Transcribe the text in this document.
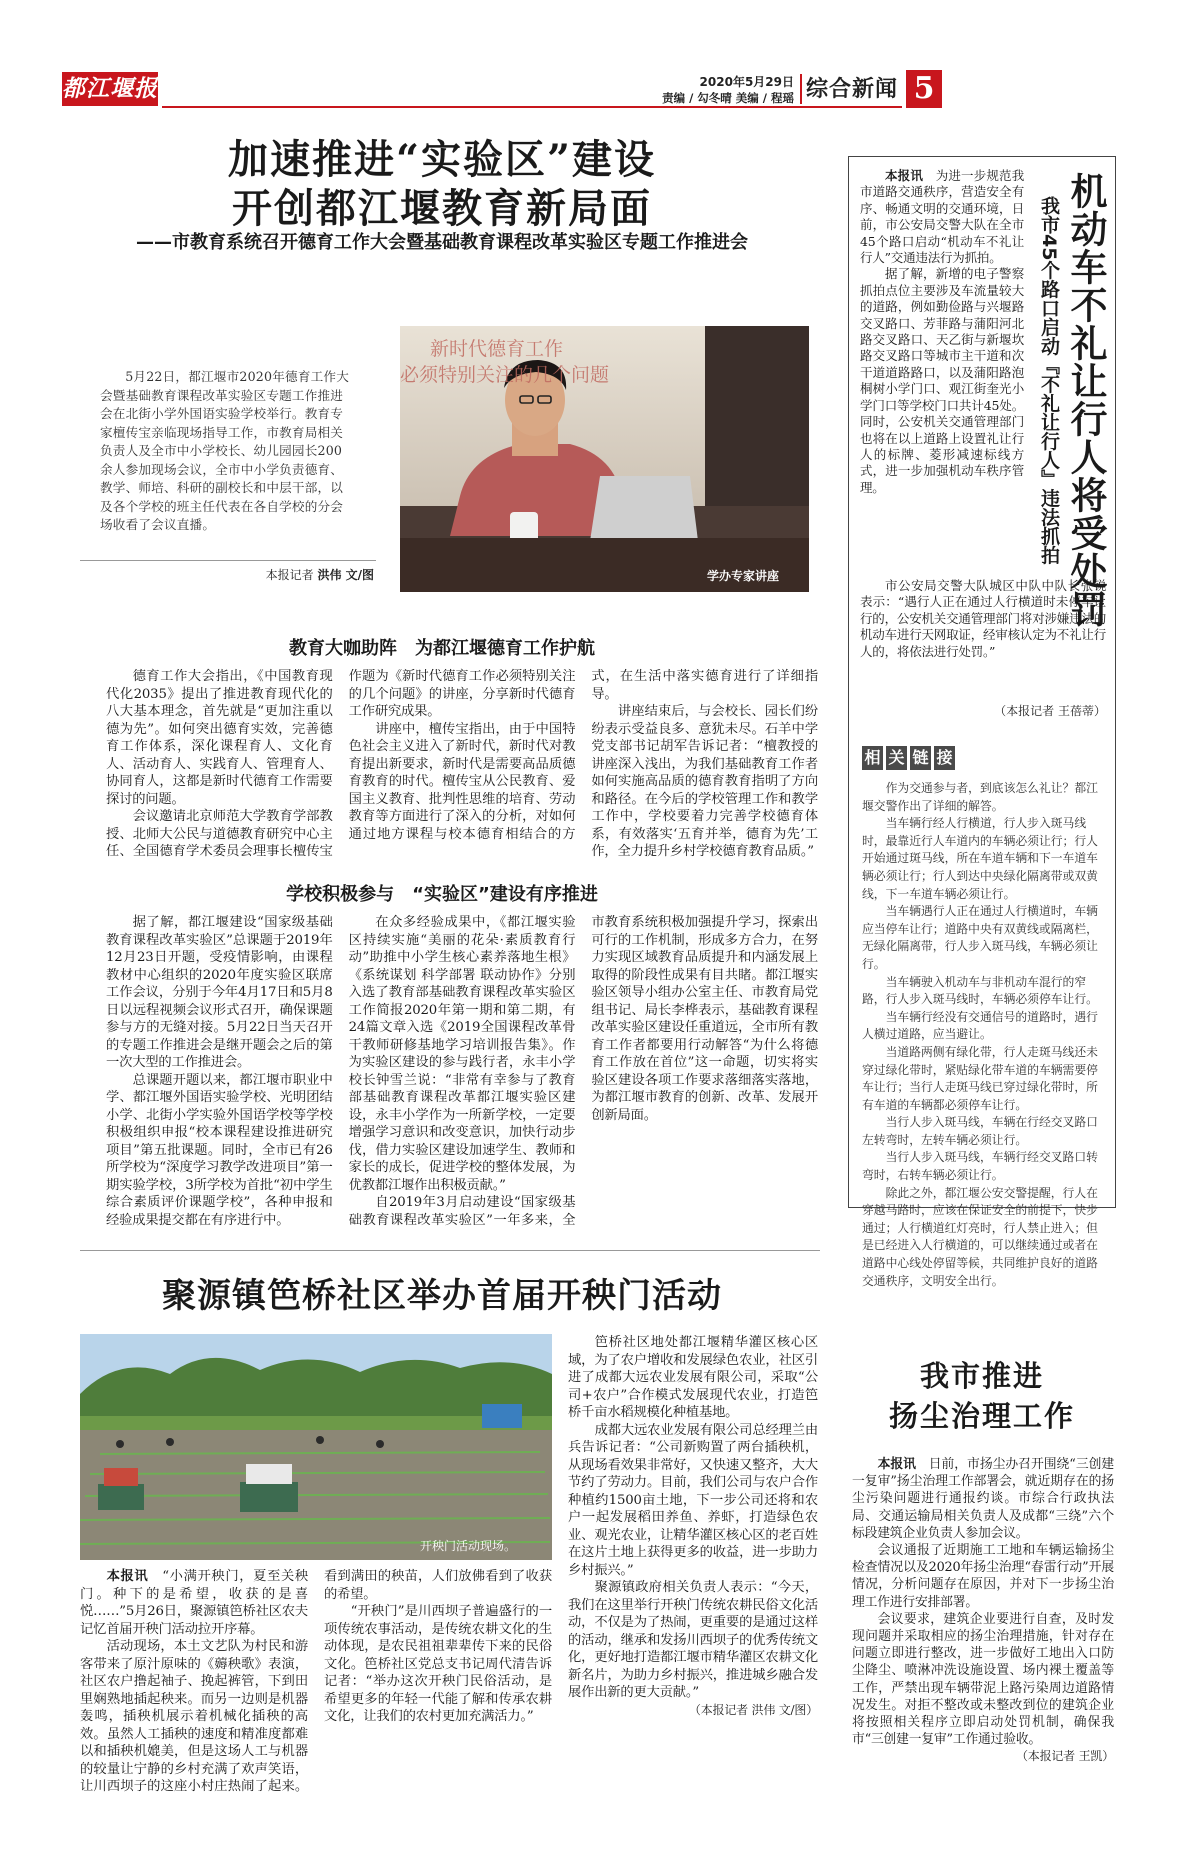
都江堰报	2020年5月29日
责编 / 勾冬晴 美编 / 程瑶 综合新闻 5
加速推进“实验区”建设
开创都江堰教育新局面
——市教育系统召开德育工作大会暨基础教育课程改革实验区专题工作推进会

5月22日，都江堰市2020年德育工作大会暨基础教育课程改革实验区专题工作推进会在北街小学外国语实验学校举行。教育专家檀传宝亲临现场指导工作，市教育局相关负责人及全市中小学校长、幼儿园园长200余人参加现场会议，全市中小学负责德育、教学、师培、科研的副校长和中层干部，以及各个学校的班主任代表在各自学校的分会场收看了会议直播。

本报记者 洪伟 文/图
新时代德育工作
必须特别关注的几个问题
学办专家讲座
教育大咖助阵　为都江堰德育工作护航

德育工作大会指出，《中国教育现代化2035》提出了推进教育现代化的八大基本理念，首先就是“更加注重以德为先”。如何突出德育实效，完善德育工作体系，深化课程育人、文化育人、活动育人、实践育人、管理育人、协同育人，这都是新时代德育工作需要探讨的问题。

会议邀请北京师范大学教育学部教授、北师大公民与道德教育研究中心主任、全国德育学术委员会理事长檀传宝作题为《新时代德育工作必须特别关注的几个问题》的讲座，分享新时代德育工作研究成果。

讲座中，檀传宝指出，由于中国特色社会主义进入了新时代，新时代对教育提出新要求，新时代是需要高品质德育教育的时代。檀传宝从公民教育、爱国主义教育、批判性思维的培育、劳动教育等方面进行了深入的分析，对如何通过地方课程与校本德育相结合的方式，在生活中落实德育进行了详细指导。

讲座结束后，与会校长、园长们纷纷表示受益良多、意犹未尽。石羊中学党支部书记胡军告诉记者：“檀教授的讲座深入浅出，为我们基础教育工作者如何实施高品质的德育教育指明了方向和路径。在今后的学校管理工作和教学工作中，学校要着力完善学校德育体系，有效落实‘五育并举，德育为先’工作，全力提升乡村学校德育教育品质。”

学校积极参与　“实验区”建设有序推进

据了解，都江堰建设“国家级基础教育课程改革实验区”总课题于2019年12月23日开题，受疫情影响，由课程教材中心组织的2020年度实验区联席工作会议，分别于今年4月17日和5月8日以远程视频会议形式召开，确保课题参与方的无缝对接。5月22日当天召开的专题工作推进会是继开题会之后的第一次大型的工作推进会。

总课题开题以来，都江堰市职业中学、都江堰外国语实验学校、光明团结小学、北街小学实验外国语学校等学校积极组织申报“校本课程建设推进研究项目”第五批课题。同时，全市已有26所学校为“深度学习教学改进项目”第一期实验学校，3所学校为首批“初中学生综合素质评价课题学校”，各种申报和经验成果提交都在有序进行中。

在众多经验成果中，《都江堰实验区持续实施“美丽的花朵·素质教育行动”助推中小学生核心素养落地生根》《系统谋划 科学部署 联动协作》分别入选了教育部基础教育课程改革实验区工作简报2020年第一期和第二期，有24篇文章入选《2019全国课程改革骨干教师研修基地学习培训报告集》。作为实验区建设的参与践行者，永丰小学校长钟雪兰说：“非常有幸参与了教育部基础教育课程改革都江堰实验区建设，永丰小学作为一所新学校，一定要增强学习意识和改变意识，加快行动步伐，借力实验区建设加速学生、教师和家长的成长，促进学校的整体发展，为优教都江堰作出积极贡献。”

自2019年3月启动建设“国家级基础教育课程改革实验区”一年多来，全市教育系统积极加强提升学习，探索出可行的工作机制，形成多方合力，在努力实现区域教育品质提升和内涵发展上取得的阶段性成果有目共睹。都江堰实验区领导小组办公室主任、市教育局党组书记、局长李桦表示，基础教育课程改革实验区建设任重道远，全市所有教育工作者都要用行动解答“为什么将德育工作放在首位”这一命题，切实将实验区建设各项工作要求落细落实落地，为都江堰市教育的创新、改革、发展开创新局面。

聚源镇笆桥社区举办首届开秧门活动
开秧门活动现场。

本报讯　 “小满开秧门，夏至关秧门。种下的是希望，收获的是喜悦……”5月26日，聚源镇笆桥社区农夫记忆首届开秧门活动拉开序幕。

活动现场，本土文艺队为村民和游客带来了原汁原味的《薅秧歌》表演，社区农户撸起袖子、挽起裤管，下到田里娴熟地插起秧来。而另一边则是机器轰鸣，插秧机展示着机械化插秧的高效。虽然人工插秧的速度和精准度都难以和插秧机媲美，但是这场人工与机器的较量让宁静的乡村充满了欢声笑语，让川西坝子的这座小村庄热闹了起来。看到满田的秧苗，人们放佛看到了收获的希望。

“开秧门”是川西坝子普遍盛行的一项传统农事活动，是传统农耕文化的生动体现，是农民祖祖辈辈传下来的民俗文化。笆桥社区党总支书记周代清告诉记者：“举办这次开秧门民俗活动，是希望更多的年轻一代能了解和传承农耕文化，让我们的农村更加充满活力。”

笆桥社区地处都江堰精华灌区核心区域，为了农户增收和发展绿色农业，社区引进了成都大远农业发展有限公司，采取“公司+农户”合作模式发展现代农业，打造笆桥千亩水稻规模化种植基地。

成都大远农业发展有限公司总经理兰由兵告诉记者：“公司新购置了两台插秧机，从现场看效果非常好，又快速又整齐，大大节约了劳动力。目前，我们公司与农户合作种植约1500亩土地，下一步公司还将和农户一起发展稻田养鱼、养虾，打造绿色农业、观光农业，让精华灌区核心区的老百姓在这片土地上获得更多的收益，进一步助力乡村振兴。”

聚源镇政府相关负责人表示：“今天，我们在这里举行开秧门传统农耕民俗文化活动，不仅是为了热闹，更重要的是通过这样的活动，继承和发扬川西坝子的优秀传统文化，更好地打造都江堰市精华灌区农耕文化新名片，为助力乡村振兴，推进城乡融合发展作出新的更大贡献。”

（本报记者 洪伟 文/图）
机动车不礼让行人将受处罚
我市45个路口启动『不礼让行人』违法抓拍

本报讯　 为进一步规范我市道路交通秩序，营造安全有序、畅通文明的交通环境，日前，市公安局交警大队在全市45个路口启动“机动车不礼让行人”交通违法行为抓拍。

据了解，新增的电子警察抓拍点位主要涉及车流量较大的道路，例如勤俭路与兴堰路交叉路口、芳菲路与蒲阳河北路交叉路口、天乙街与新堰坎路交叉路口等城市主干道和次干道道路路口，以及蒲阳路泡桐树小学门口、观江街奎光小学门口等学校门口共计45处。同时，公安机关交通管理部门也将在以上道路上设置礼让行人的标牌、菱形减速标线方式，进一步加强机动车秩序管理。

市公安局交警大队城区中队中队长张锐表示：“遇行人正在通过人行横道时未停车让行的，公安机关交通管理部门将对涉嫌违法的机动车进行天网取证，经审核认定为不礼让行人的，将依法进行处罚。”

（本报记者 王蓓蒂）
相 关 链 接

作为交通参与者，到底该怎么礼让？都江堰交警作出了详细的解答。

当车辆行经人行横道，行人步入斑马线时，最靠近行人车道内的车辆必须让行；行人开始通过斑马线，所在车道车辆和下一车道车辆必须让行；行人到达中央绿化隔离带或双黄线，下一车道车辆必须让行。

当车辆遇行人正在通过人行横道时，车辆应当停车让行；道路中央有双黄线或隔离栏，无绿化隔离带，行人步入斑马线，车辆必须让行。

当车辆驶入机动车与非机动车混行的窄路，行人步入斑马线时，车辆必须停车让行。

当车辆行经没有交通信号的道路时，遇行人横过道路，应当避让。

当道路两侧有绿化带，行人走斑马线还未穿过绿化带时，紧贴绿化带车道的车辆需要停车让行；当行人走斑马线已穿过绿化带时，所有车道的车辆都必须停车让行。

当行人步入斑马线，车辆在行经交叉路口左转弯时，左转车辆必须让行。

当行人步入斑马线，车辆行经交叉路口转弯时，右转车辆必须让行。

除此之外，都江堰公安交警提醒，行人在穿越马路时，应该在保证安全的前提下，快步通过；人行横道红灯亮时，行人禁止进入；但是已经进入人行横道的，可以继续通过或者在道路中心线处停留等候，共同维护良好的道路交通秩序，文明安全出行。

我市推进
扬尘治理工作

本报讯　 日前，市扬尘办召开围绕“三创建一复审”扬尘治理工作部署会，就近期存在的扬尘污染问题进行通报约谈。市综合行政执法局、交通运输局相关负责人及成都“三绕”六个标段建筑企业负责人参加会议。

会议通报了近期施工工地和车辆运输扬尘检查情况以及2020年扬尘治理“春雷行动”开展情况，分析问题存在原因，并对下一步扬尘治理工作进行安排部署。

会议要求，建筑企业要进行自查，及时发现问题并采取相应的扬尘治理措施，针对存在问题立即进行整改，进一步做好工地出入口防尘降尘、喷淋冲洗设施设置、场内裸土覆盖等工作，严禁出现车辆带泥上路污染周边道路情况发生。对拒不整改或未整改到位的建筑企业将按照相关程序立即启动处罚机制，确保我市“三创建一复审”工作通过验收。

（本报记者 王凯）
